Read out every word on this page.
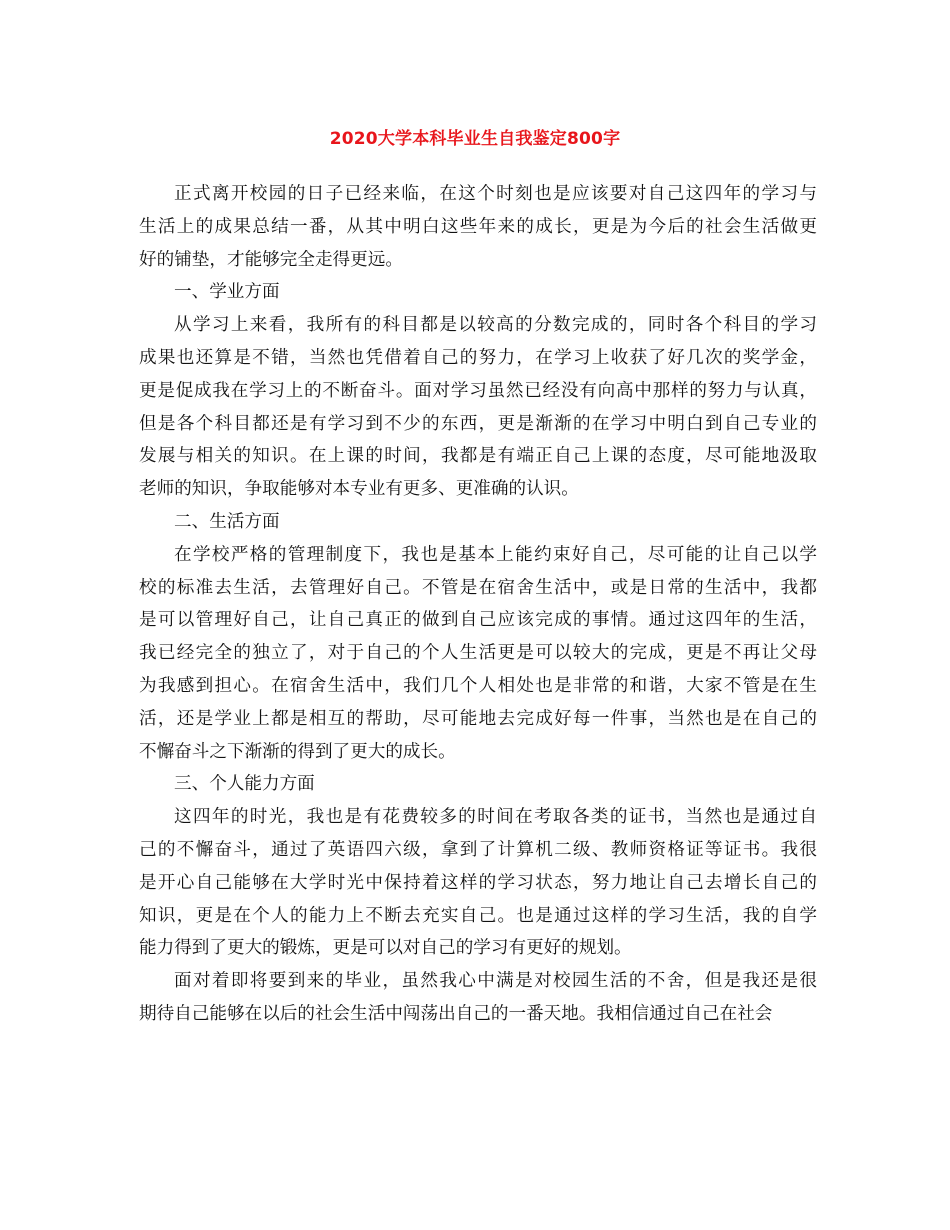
2020大学本科毕业生自我鉴定800字

正式离开校园的日子已经来临，在这个时刻也是应该要对自己这四年的学习与
生活上的成果总结一番，从其中明白这些年来的成长，更是为今后的社会生活做更
好的铺垫，才能够完全走得更远。

一、学业方面

从学习上来看，我所有的科目都是以较高的分数完成的，同时各个科目的学习
成果也还算是不错，当然也凭借着自己的努力，在学习上收获了好几次的奖学金，
更是促成我在学习上的不断奋斗。面对学习虽然已经没有向高中那样的努力与认真，
但是各个科目都还是有学习到不少的东西，更是渐渐的在学习中明白到自己专业的
发展与相关的知识。在上课的时间，我都是有端正自己上课的态度，尽可能地汲取
老师的知识，争取能够对本专业有更多、更准确的认识。

二、生活方面

在学校严格的管理制度下，我也是基本上能约束好自己，尽可能的让自己以学
校的标准去生活，去管理好自己。不管是在宿舍生活中，或是日常的生活中，我都
是可以管理好自己，让自己真正的做到自己应该完成的事情。通过这四年的生活，
我已经完全的独立了，对于自己的个人生活更是可以较大的完成，更是不再让父母
为我感到担心。在宿舍生活中，我们几个人相处也是非常的和谐，大家不管是在生
活，还是学业上都是相互的帮助，尽可能地去完成好每一件事，当然也是在自己的
不懈奋斗之下渐渐的得到了更大的成长。

三、个人能力方面

这四年的时光，我也是有花费较多的时间在考取各类的证书，当然也是通过自
己的不懈奋斗，通过了英语四六级，拿到了计算机二级、教师资格证等证书。我很
是开心自己能够在大学时光中保持着这样的学习状态，努力地让自己去增长自己的
知识，更是在个人的能力上不断去充实自己。也是通过这样的学习生活，我的自学
能力得到了更大的锻炼，更是可以对自己的学习有更好的规划。

面对着即将要到来的毕业，虽然我心中满是对校园生活的不舍，但是我还是很
期待自己能够在以后的社会生活中闯荡出自己的一番天地。我相信通过自己在社会
